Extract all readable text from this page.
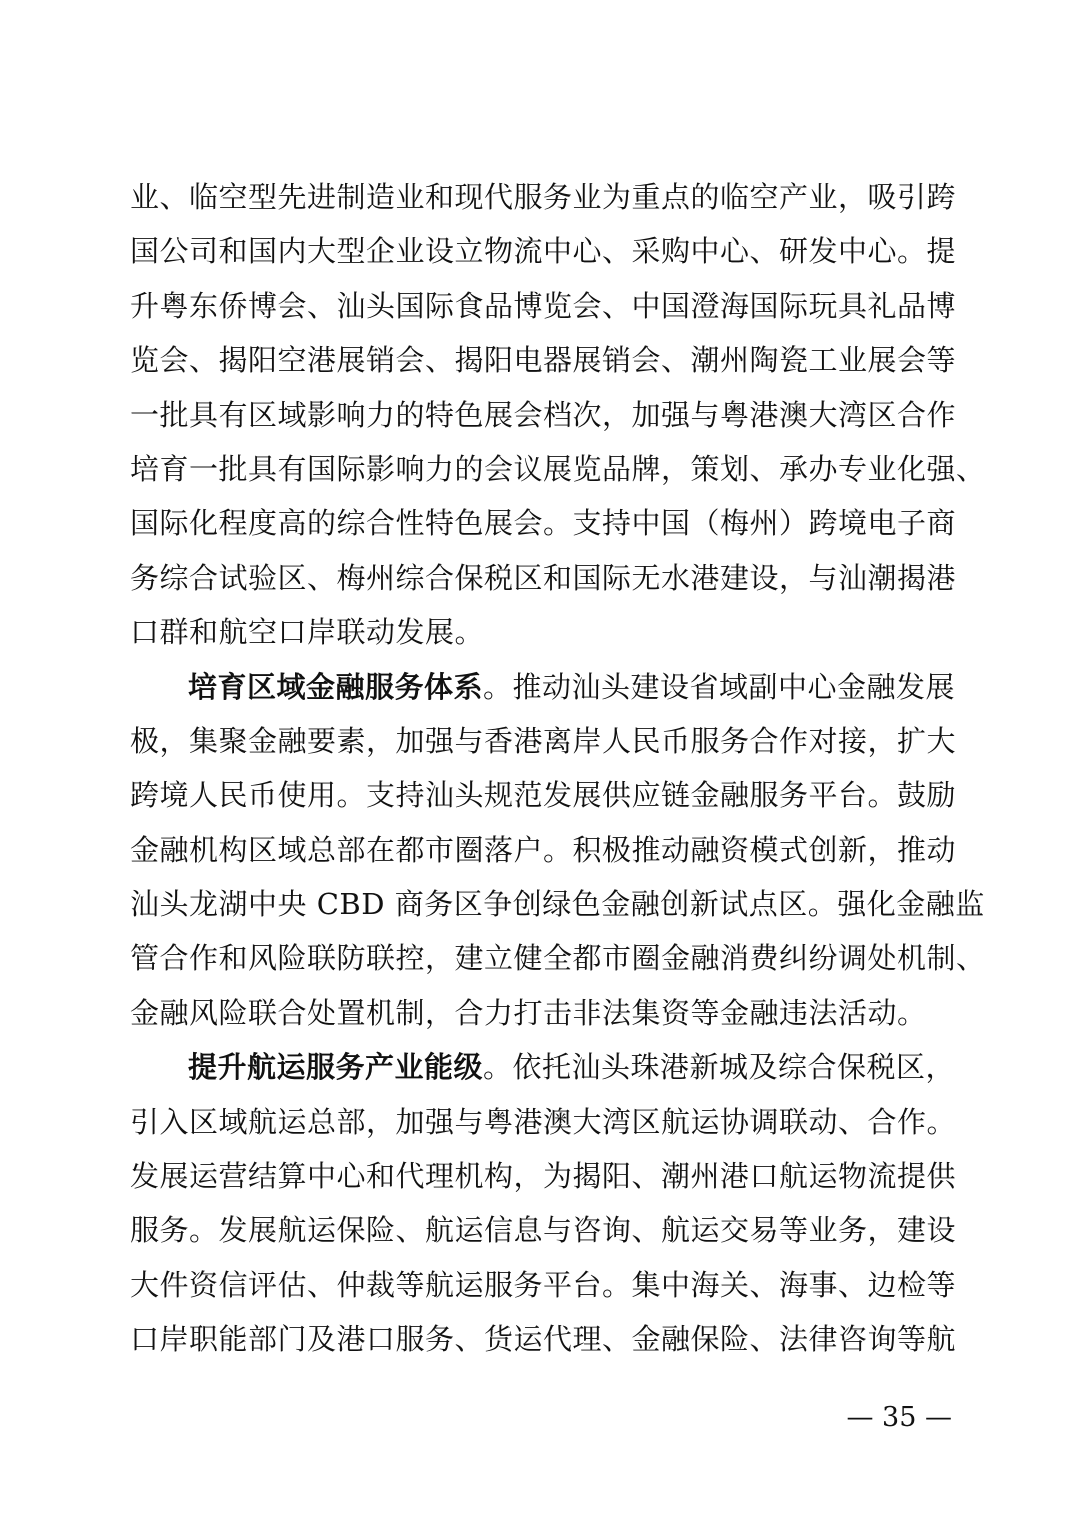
业、临空型先进制造业和现代服务业为重点的临空产业，吸引跨
国公司和国内大型企业设立物流中心、采购中心、研发中心。提
升粤东侨博会、汕头国际食品博览会、中国澄海国际玩具礼品博
览会、揭阳空港展销会、揭阳电器展销会、潮州陶瓷工业展会等
一批具有区域影响力的特色展会档次，加强与粤港澳大湾区合作
培育一批具有国际影响力的会议展览品牌，策划、承办专业化强、
国际化程度高的综合性特色展会。支持中国（梅州）跨境电子商
务综合试验区、梅州综合保税区和国际无水港建设，与汕潮揭港
口群和航空口岸联动发展。
培育区域金融服务体系。推动汕头建设省域副中心金融发展
极，集聚金融要素，加强与香港离岸人民币服务合作对接，扩大
跨境人民币使用。支持汕头规范发展供应链金融服务平台。鼓励
金融机构区域总部在都市圈落户。积极推动融资模式创新，推动
汕头龙湖中央 CBD 商务区争创绿色金融创新试点区。强化金融监
管合作和风险联防联控，建立健全都市圈金融消费纠纷调处机制、
金融风险联合处置机制，合力打击非法集资等金融违法活动。
提升航运服务产业能级。依托汕头珠港新城及综合保税区，
引入区域航运总部，加强与粤港澳大湾区航运协调联动、合作。
发展运营结算中心和代理机构，为揭阳、潮州港口航运物流提供
服务。发展航运保险、航运信息与咨询、航运交易等业务，建设
大件资信评估、仲裁等航运服务平台。集中海关、海事、边检等
口岸职能部门及港口服务、货运代理、金融保险、法律咨询等航
— 35 —
